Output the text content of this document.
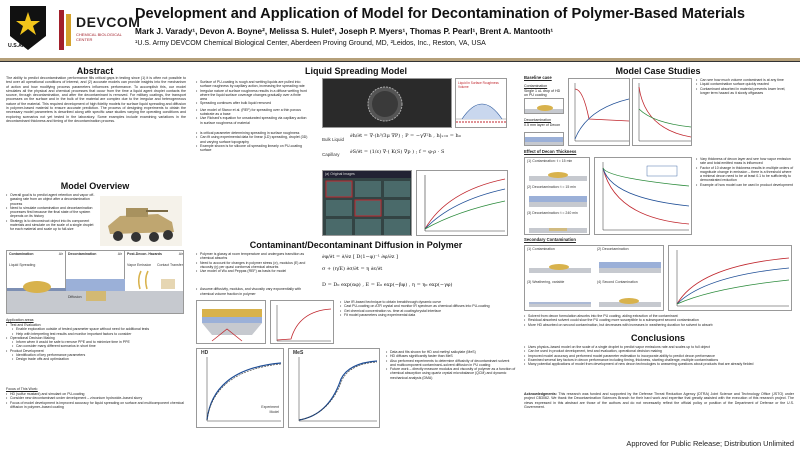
U.S.ARMY
DEVCOM
CHEMICAL BIOLOGICAL CENTER
Development and Application of Model for Decontamination of Polymer-Based Materials
Mark J. Varady¹, Devon A. Boyne², Melissa S. Hulet², Joseph P. Myers¹, Thomas P. Pearl¹, Brent A. Mantooth¹
¹U.S. Army DEVCOM Chemical Biological Center, Aberdeen Proving Ground, MD, ²Leidos, Inc., Reston, VA, USA
Abstract
The ability to predict decontamination performance fills critical gaps in testing since (1) it is often not possible to test over all operational conditions of interest, and (2) accurate models can provide insights into the mechanism of action and how modifying process parameters influences performance. To accomplish this, our model simulates all the physical and chemical processes that occur from the time a liquid agent droplet contacts the source, through decontamination, and after the decontaminant is removed. For military coatings, the transport processes on the surface and in the bulk of the material are complex due to the irregular and heterogeneous nature of the material. This required development of high fidelity models for surface liquid spreading and diffusion in polymer-based material to ensure accurate prediction. The process of designing experiments to obtain the necessary model parameters is described along with specific case studies varying the operating conditions and exploring scenarios not yet tested in the laboratory. Some examples include examining variations in the decontaminant thickness and timing of the decontamination process.
Model Overview
• Overall goal is to predict agent retention and vapor off-gassing rate from an object after a decontamination process
• Need to simulate contamination and decontamination processes first because the final state of the system depends on its history
• Strategy is to deconstruct object into its component materials and simulate on the scale of a single droplet for each material and scale up to full-size
Contamination	Air
Liquid Spreading
Decontamination	Air
Diffusion
Post-Decon. Hazards	Air
Vapor Emission Contact Transfer
Application areas
• Test and Evaluation
• Enable exploration outside of tested parameter space without need for additional tests
• Help with interpreting test results and monitor important factors to consider
• Operational Decision Making
• Inform when it would be safe to remove PPE and to minimize time in PPE
• Can consider many different scenarios in short time
• Product Development
• Identification of key performance parameters
• Design trade offs and optimization
Focus of This Work:
• HD (sulfur mustard) and simulant on PU-coating
• Consider new decontaminant under development – zirconium hydroxide–based slurry
• Focus of model development is improved accuracy for liquid spreading on surface and multicomponent chemical diffusion in polymer–based coating
Liquid Spreading Model
• Surface of PU-coating is rough and wetting liquids are pulled into surface roughness by capillary action, increasing the spreading rate
• Irregular nature of surface roughness results in a diffuse wetting front where the liquid surface coverage changes gradually over a finite area
• Spreading continues after bulk liquid removed
• Use model of Starov et al. (REF) for spreading over a thin porous substrate as a base
• Use Richard's equation for unsaturated spreading via capillary action in surface roughness of material
• is critical parameter determining spreading in surface roughness
• Can fit using experimental data for linear (LD) spreading, droplet (3D) and varying surface topography
• Example shown is for silicone oil spreading linearly on PU-coating surface
Liquid in Surface Roughness Volume
Bulk Liquid
∂h/∂t = ∇·(h³/3μ ∇P) ; P = −γ∇²h , h|ₓ₌₀ = h₀
Capillary ∂S/∂t = (1/ε) ∇·( K(S) ∇p ) ; f = φ·ρ · S
(a) Original Images
Contaminant/Decontaminant Diffusion in Polymer
• Polymer is glassy at room temperature and undergoes transition as chemical absorbs
• Need to account for changes in polymer stress (σ), modulus (E) and viscosity (η) per quasi conformal chemical absorbs
• Use model of Wu and Peppas (REF) as basis for model
• Assume diffusivity, modulus, and viscosity vary exponentially with chemical volume fraction in polymer
∂φ/∂t = ∂/∂z [ D(1−φ)⁻¹ ∂φ/∂z ]
σ + (η/E) ∂σ/∂t = η ∂ε/∂t
D = D₀ exp(αφ) , E = E₀ exp(−βφ) , η = η₀ exp(−γφ)
• Use IR-based technique to obtain breakthrough dynamic curve
• Cast PU-coating on ATR crystal and monitor IR spectrum as chemical diffuses into PU-coating
• Get chemical concentration vs. time at coating/crystal interface
• Fit model parameters using experimental data
HD
Experiment
Model
MeS
•	Data and fits shown for HD and methyl salicylate (MeS)
• HD diffuses significantly faster than MeS
• Also performed experiments to determine diffusivity of decontaminant solvent and multicomponent contaminant–solvent diffusion in PU coating
• Future work – directly measure modulus and viscosity of polymer as a function of chemical absorption using quartz crystal microbalance (QCM) and dynamic mechanical analysis (DMA)
Model Case Studies
Baseline case
Contamination
Single 1 uL drop of HD on PU coating
Decontamination
0.5 mm layer of Decon
• Can see how much volume contaminant is at any time
• Liquid contamination surface quickly reacted
• Contaminant absorbed in material prevents lower level, longer term hazard as it slowly offgasses
Effect of Decon Thickness
(1) Contamination: t = 15 min
(2) Decontamination: t = 15 min
(3) Decontamination: t = 240 min
• Vary thickness of decon layer and see how vapor emission rate and total emitted mass is influenced
• Factor of 10 change in thickness results in multiple orders of magnitude change in emission – there is a threshold where a minimal decon need to be at least 0.1 to be sufficiently to demonstrated reduction
• Example of how model can be used in product development
Secondary Contamination
(1) Contamination	(2) Decontamination
(3) Weathering, variable	(4) Second Contamination
• Solvent from decon formulation absorbs into the PU coating, aiding extraction of the contaminant
• Residual absorbed solvent could slow the PU coating more susceptible to a subsequent second contamination
• More HD absorbed on second contamination, but decreases with increases in weathering duration for solvent to absorb
Conclusions
• Uses physics–based model on the scale of a single droplet to predict vapor emissions rate and scales up to full object
• Can be used in product development, test and evaluation, operational decision making
• Improved model accuracy and performed model parameter estimation to incorporate ability to predict decon performance
• Examined several key factors in decon performance including timing, thickness, starting challenge, multiple contaminations
• Many potential applications of model from development of new decon technologies to answering questions about products that are already fielded
Acknowledgments: This research was funded and supported by the Defense Threat Reduction Agency (DTRA) Joint Science and Technology Office (JSTO) under project CB3062. We thank the Decontamination Sciences Branch for their hard work and expertise that greatly assisted with the execution of this research project. The views expressed in this abstract are those of the authors and do not necessarily reflect the official policy or position of the Department of Defense or the U.S. Government.
Approved for Public Release; Distribution Unlimited
